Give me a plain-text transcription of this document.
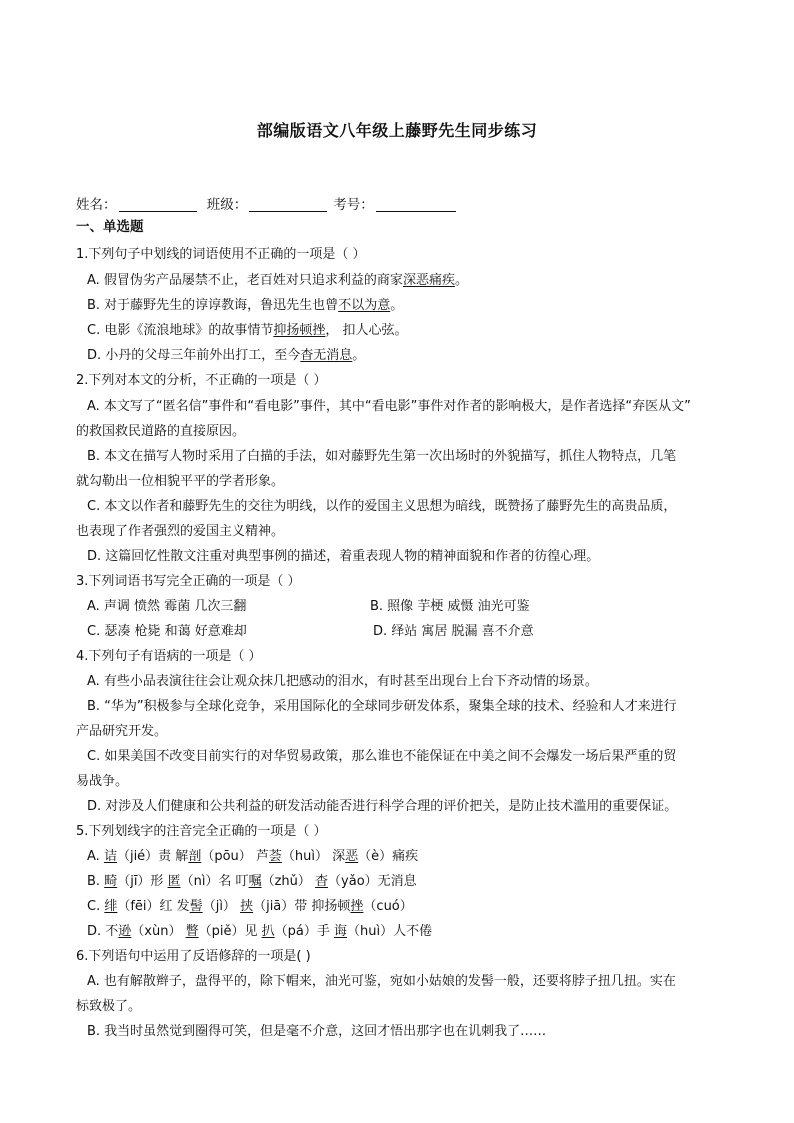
部编版语文八年级上藤野先生同步练习
姓名：	班级：	考号：
一、单选题
1.下列句子中划线的词语使用不正确的一项是（ ）
A. 假冒伪劣产品屡禁不止，老百姓对只追求利益的商家深恶痛疾。
B. 对于藤野先生的谆谆教诲，鲁迅先生也曾不以为意。
C. 电影《流浪地球》的故事情节抑扬顿挫， 扣人心弦。
D. 小丹的父母三年前外出打工，至今杳无消息。
2.下列对本文的分析，不正确的一项是（ ）
A. 本文写了“匿名信”事件和“看电影”事件，其中“看电影”事件对作者的影响极大，是作者选择“弃医从文”
的救国救民道路的直接原因。
B. 本文在描写人物时采用了白描的手法，如对藤野先生第一次出场时的外貌描写，抓住人物特点，几笔
就勾勒出一位相貌平平的学者形象。
C. 本文以作者和藤野先生的交往为明线，以作的爱国主义思想为暗线，既赞扬了藤野先生的高贵品质，
也表现了作者强烈的爱国主义精神。
D. 这篇回忆性散文注重对典型事例的描述，着重表现人物的精神面貌和作者的彷徨心理。
3.下列词语书写完全正确的一项是（ ）
A. 声调 愤然 霉菌 几次三翻	B. 照像 芋梗 威慑 油光可鉴
C. 瑟凑 枪毙 和蔼 好意难却	D. 绎站 寓居 脱漏 喜不介意
4.下列句子有语病的一项是（ ）
A. 有些小品表演往往会让观众抹几把感动的泪水，有时甚至出现台上台下齐动情的场景。
B. “华为”积极参与全球化竞争，采用国际化的全球同步研发体系，聚集全球的技术、经验和人才来进行
产品研究开发。
C. 如果美国不改变目前实行的对华贸易政策，那么谁也不能保证在中美之间不会爆发一场后果严重的贸
易战争。
D. 对涉及人们健康和公共利益的研发活动能否进行科学合理的评价把关，是防止技术滥用的重要保证。
5.下列划线字的注音完全正确的一项是（ ）
A. 诘（jié）责 解剖（pōu） 芦荟（huì） 深恶（è）痛疾
B. 畸（jī）形 匿（nì）名 叮嘱（zhǔ） 杳（yǎo）无消息
C. 绯（fēi）红 发髻（jì） 挟（jiā）带 抑扬顿挫（cuó）
D. 不逊（xùn） 瞥（piě）见 扒（pá）手 诲（huì）人不倦
6.下列语句中运用了反语修辞的一项是( )
A. 也有解散辫子，盘得平的，除下帽来，油光可鉴，宛如小姑娘的发髻一般，还要将脖子扭几扭。实在
标致极了。
B. 我当时虽然觉到圈得可笑，但是毫不介意，这回才悟出那字也在讥刺我了……
